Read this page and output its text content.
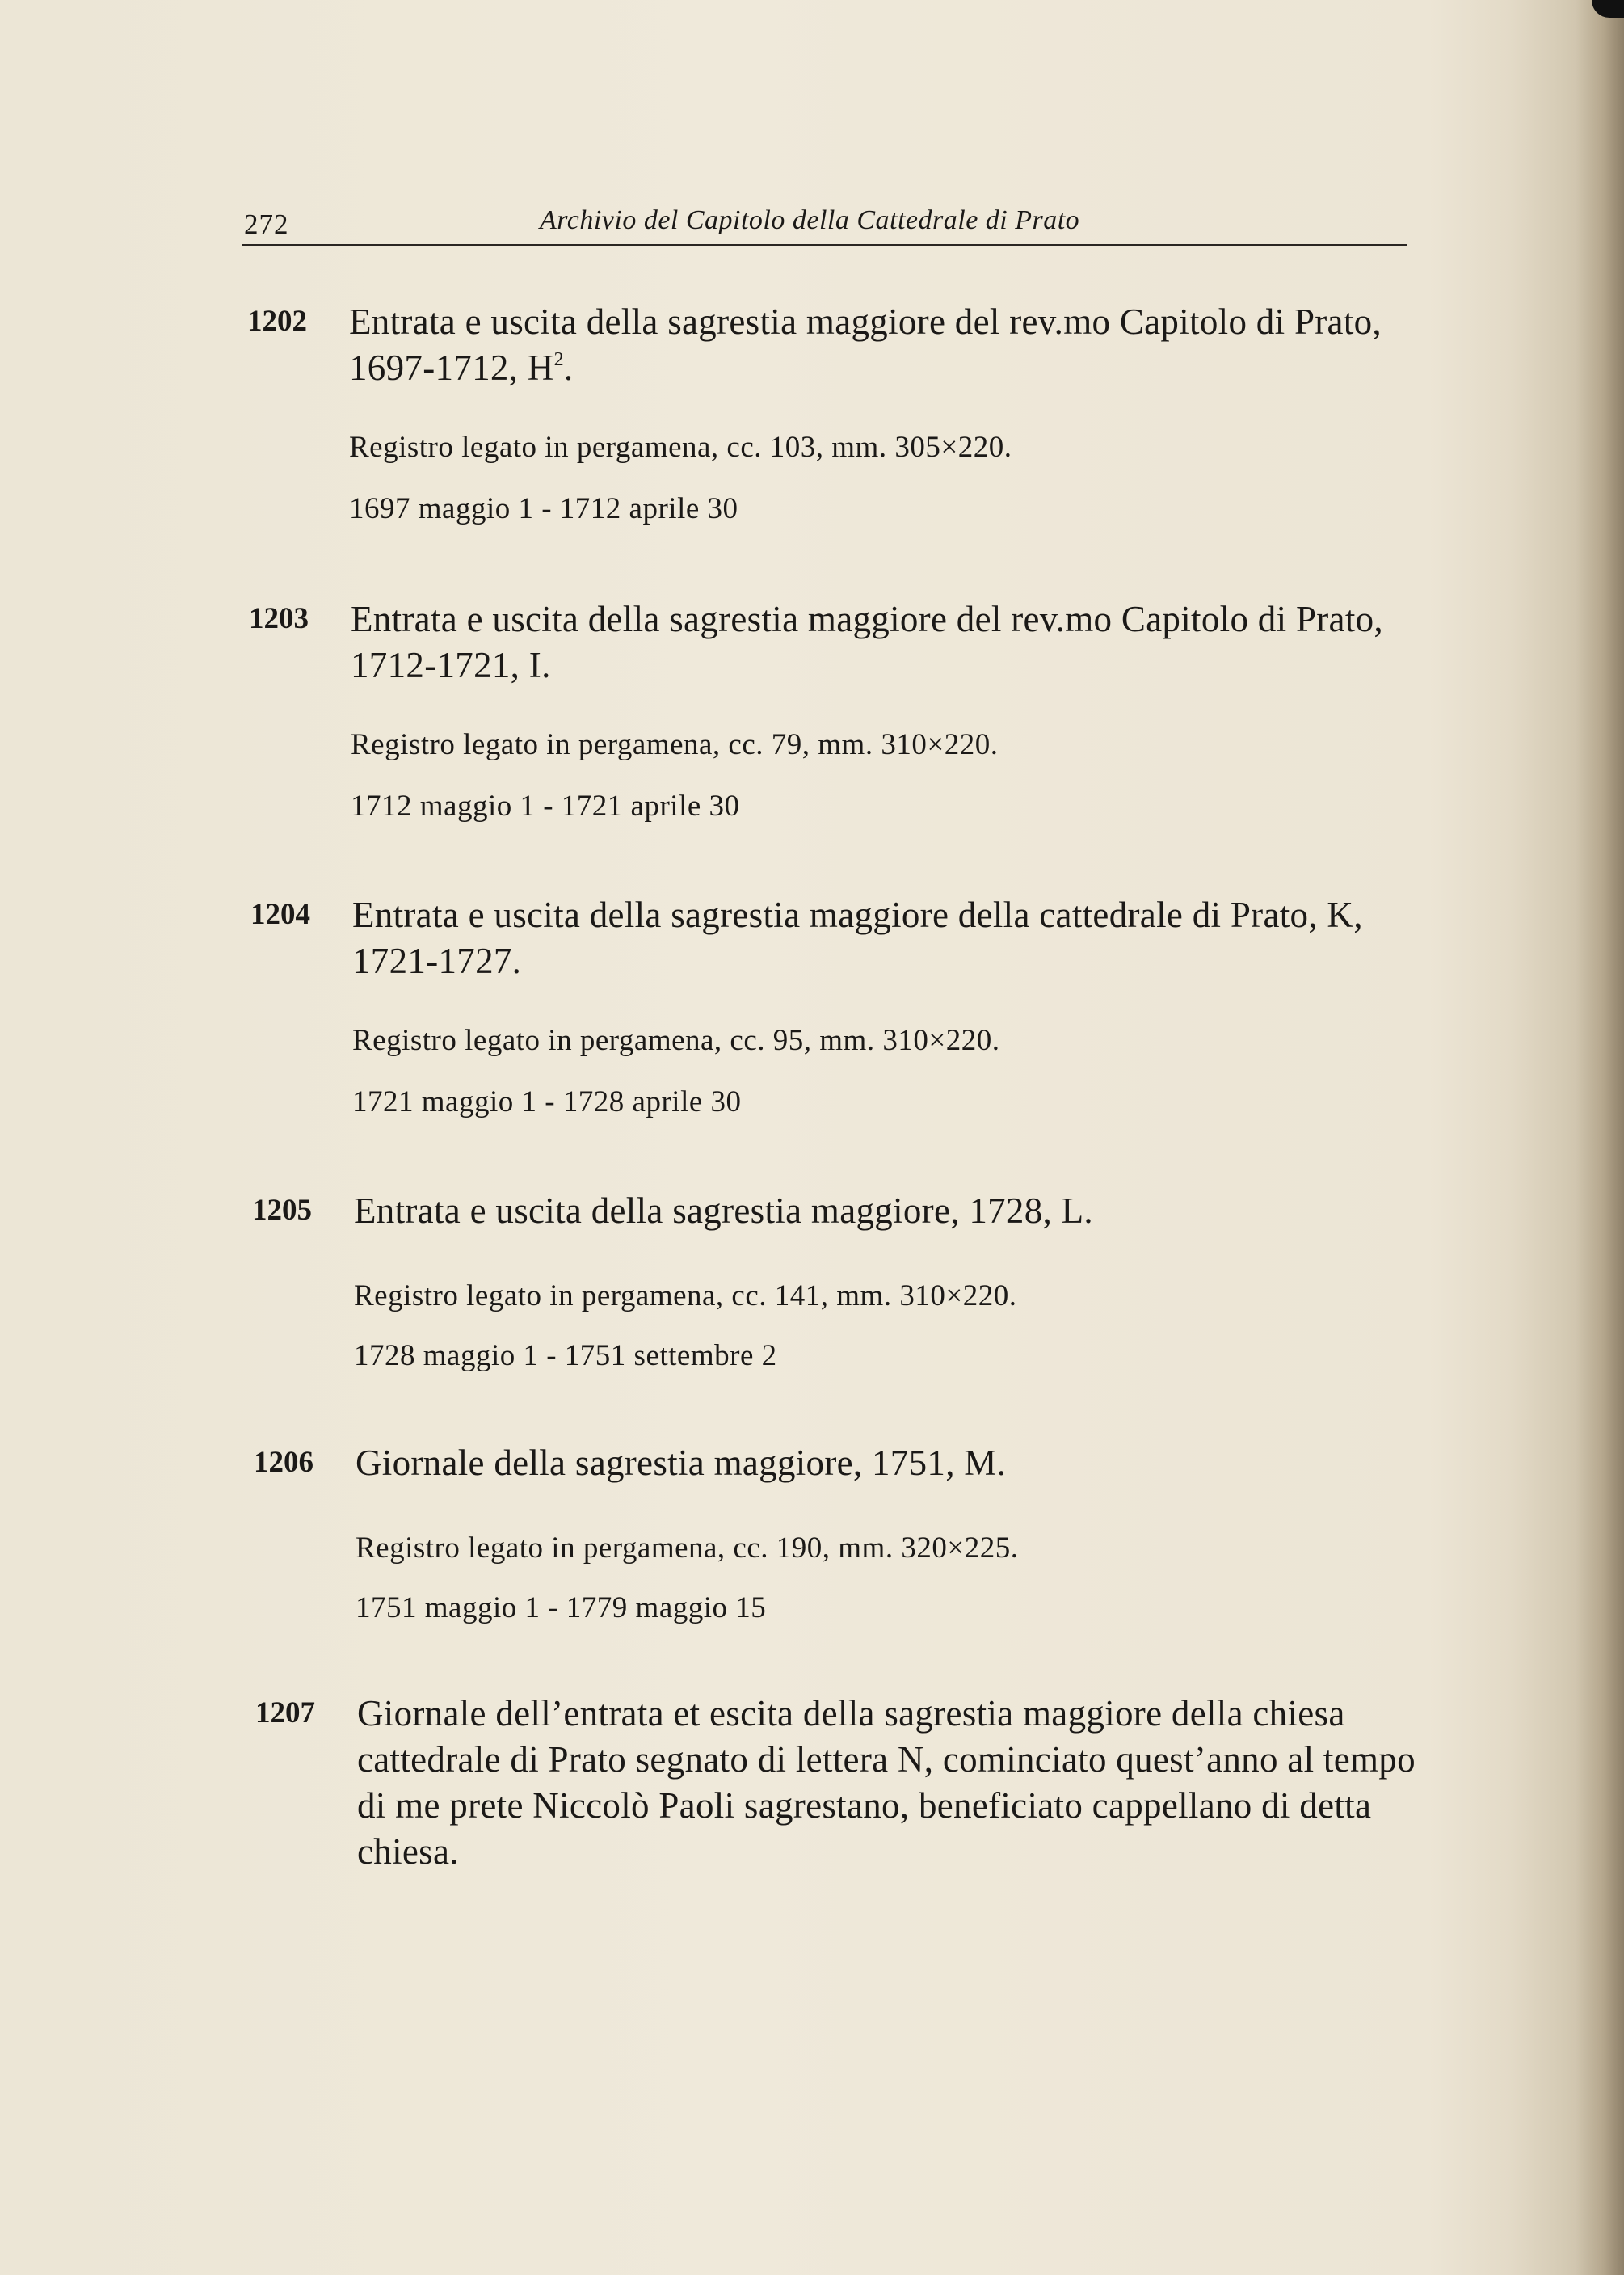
272	Archivio del Capitolo della Cattedrale di Prato
1202 Entrata e uscita della sagrestia maggiore del rev.mo Capitolo di Prato, 1697-1712, $H^2$.
Registro legato in pergamena, cc. 103, mm. 305×220.
1697 maggio 1 - 1712 aprile 30
1203 Entrata e uscita della sagrestia maggiore del rev.mo Capitolo di Prato, 1712-1721, I.
Registro legato in pergamena, cc. 79, mm. 310×220.
1712 maggio 1 - 1721 aprile 30
1204 Entrata e uscita della sagrestia maggiore della cattedrale di Prato, K, 1721-1727.
Registro legato in pergamena, cc. 95, mm. 310×220.
1721 maggio 1 - 1728 aprile 30
1205 Entrata e uscita della sagrestia maggiore, 1728, L.
Registro legato in pergamena, cc. 141, mm. 310×220.
1728 maggio 1 - 1751 settembre 2
1206 Giornale della sagrestia maggiore, 1751, M.
Registro legato in pergamena, cc. 190, mm. 320×225.
1751 maggio 1 - 1779 maggio 15
1207 Giornale dell’entrata et escita della sagrestia maggiore della chiesa cattedrale di Prato segnato di lettera N, cominciato quest’anno al tempo di me prete Niccolò Paoli sagrestano, beneficiato cappellano di detta chiesa.
